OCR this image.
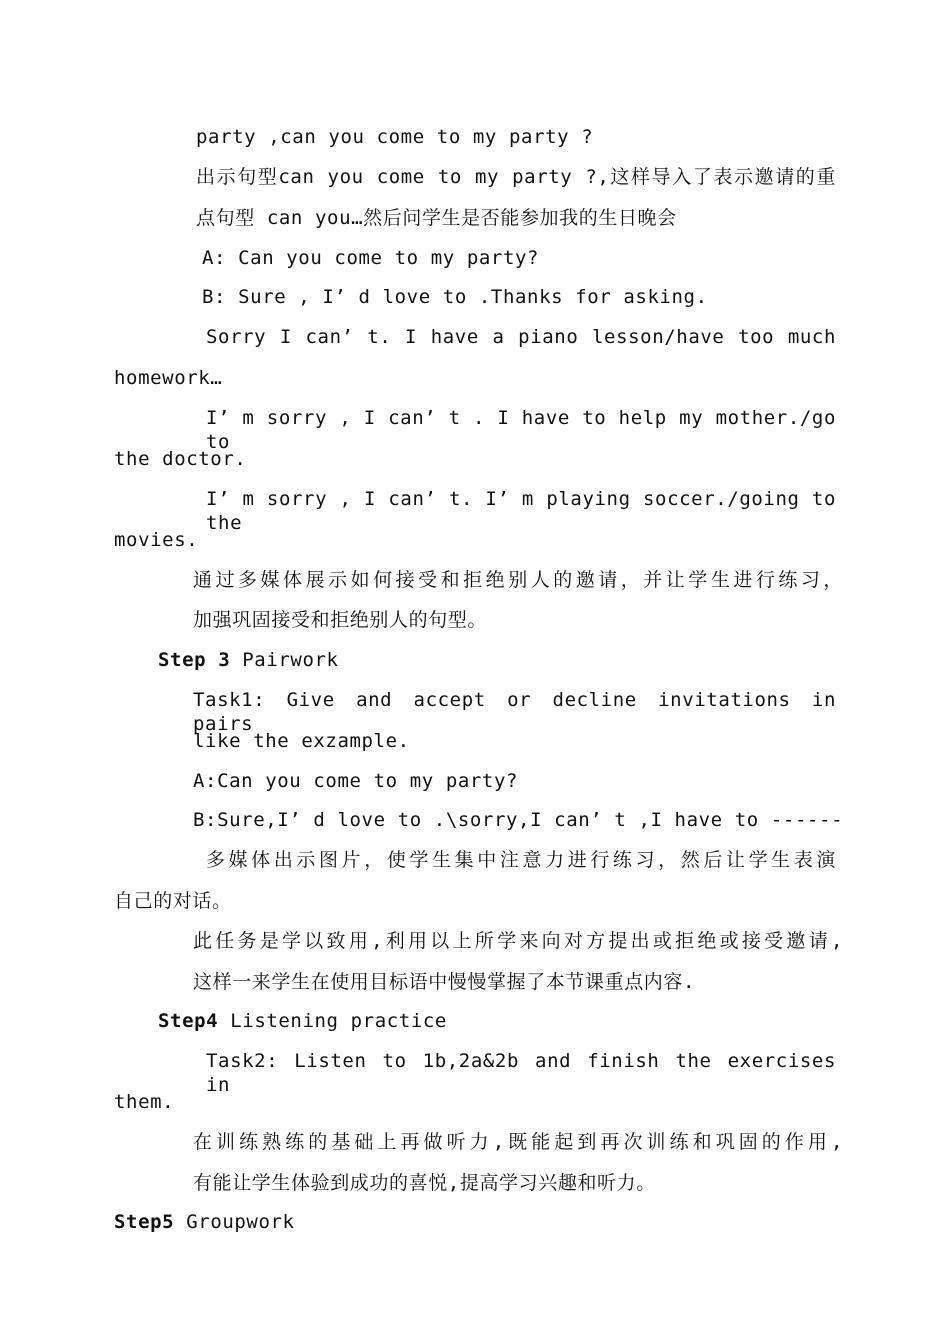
party ,can you come to my party ?
出示句型can you come to my party ?,这样导入了表示邀请的重
点句型 can you…然后问学生是否能参加我的生日晚会
A: Can you come to my party?
B: Sure , I’ d love to .Thanks for asking.
Sorry I can’ t. I have a piano lesson/have too much
homework…
I’ m sorry , I can’ t . I have to help my mother./go to
the doctor.
I’ m sorry , I can’ t. I’ m playing soccer./going to the
movies.
通过多媒体展示如何接受和拒绝别人的邀请，并让学生进行练习，
加强巩固接受和拒绝别人的句型。
Step 3 Pairwork
Task1: Give and accept or decline invitations in pairs
like the exzample.
A:Can you come to my party?
B:Sure,I’ d love to .\sorry,I can’ t ,I have to ------
多媒体出示图片，使学生集中注意力进行练习，然后让学生表演
自己的对话。
此任务是学以致用,利用以上所学来向对方提出或拒绝或接受邀请,
这样一来学生在使用目标语中慢慢掌握了本节课重点内容.
Step4 Listening practice
Task2: Listen to 1b,2a&2b and finish the exercises in
them.
在训练熟练的基础上再做听力,既能起到再次训练和巩固的作用,
有能让学生体验到成功的喜悦,提高学习兴趣和听力。
Step5 Groupwork
